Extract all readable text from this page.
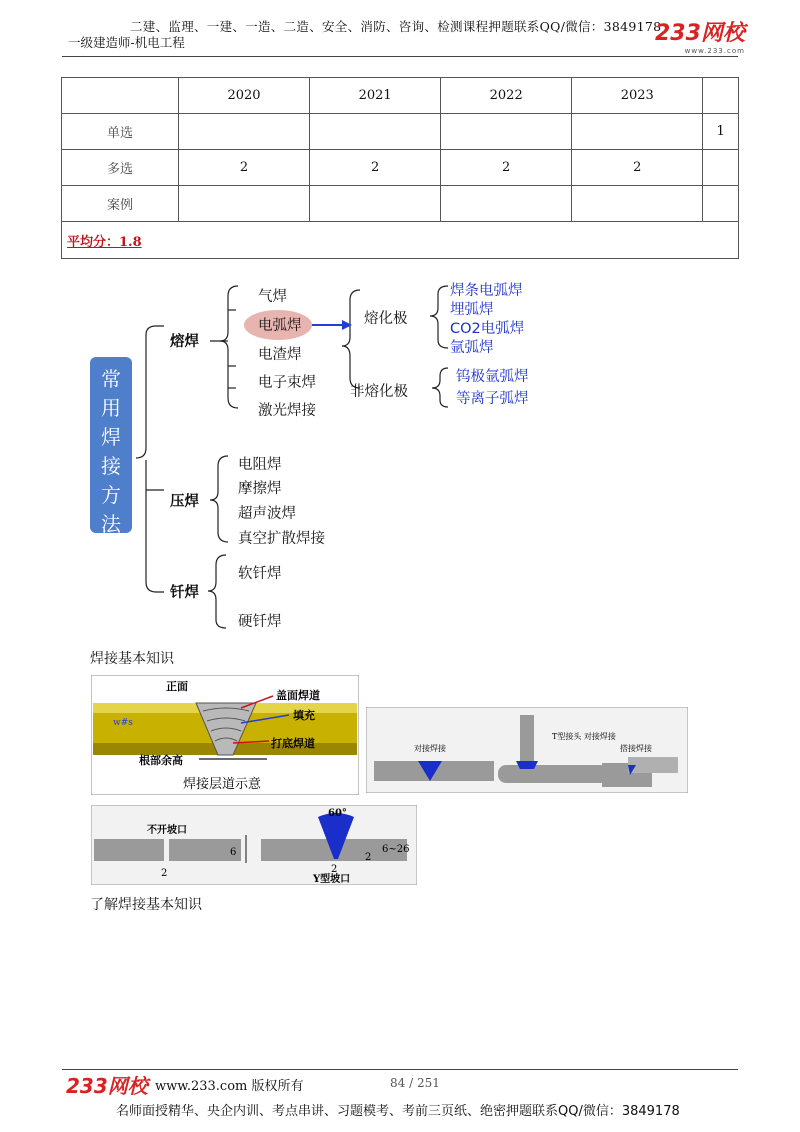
二建、监理、一建、一造、二造、安全、消防、咨询、检测课程押题联系QQ/微信：3849178
一级建造师-机电工程	233网校
www.233.com
	2020	2021	2022	2023	
单选					1
多选	2	2	2	2	
案例					
平均分：1.8					
常
用
焊
接
方
法
熔焊
气焊
电弧焊
电渣焊
电子束焊
激光焊接
熔化极
非熔化极
焊条电弧焊
埋弧焊
CO2电弧焊
氩弧焊
钨极氩弧焊
等离子弧焊
压焊
电阻焊
摩擦焊
超声波焊
真空扩散焊接
钎焊
软钎焊
硬钎焊
焊接基本知识
w#s
正面
盖面焊道
填充
打底焊道
根部余高
焊接层道示意
对接焊接
T型接头 对接焊接
搭接焊接
不开坡口
6
2
60°
2
6~26
2
Y型坡口
了解焊接基本知识
233网校 www.233.com 版权所有	84 / 251
名师面授精华、央企内训、考点串讲、习题模考、考前三页纸、绝密押题联系QQ/微信：3849178
